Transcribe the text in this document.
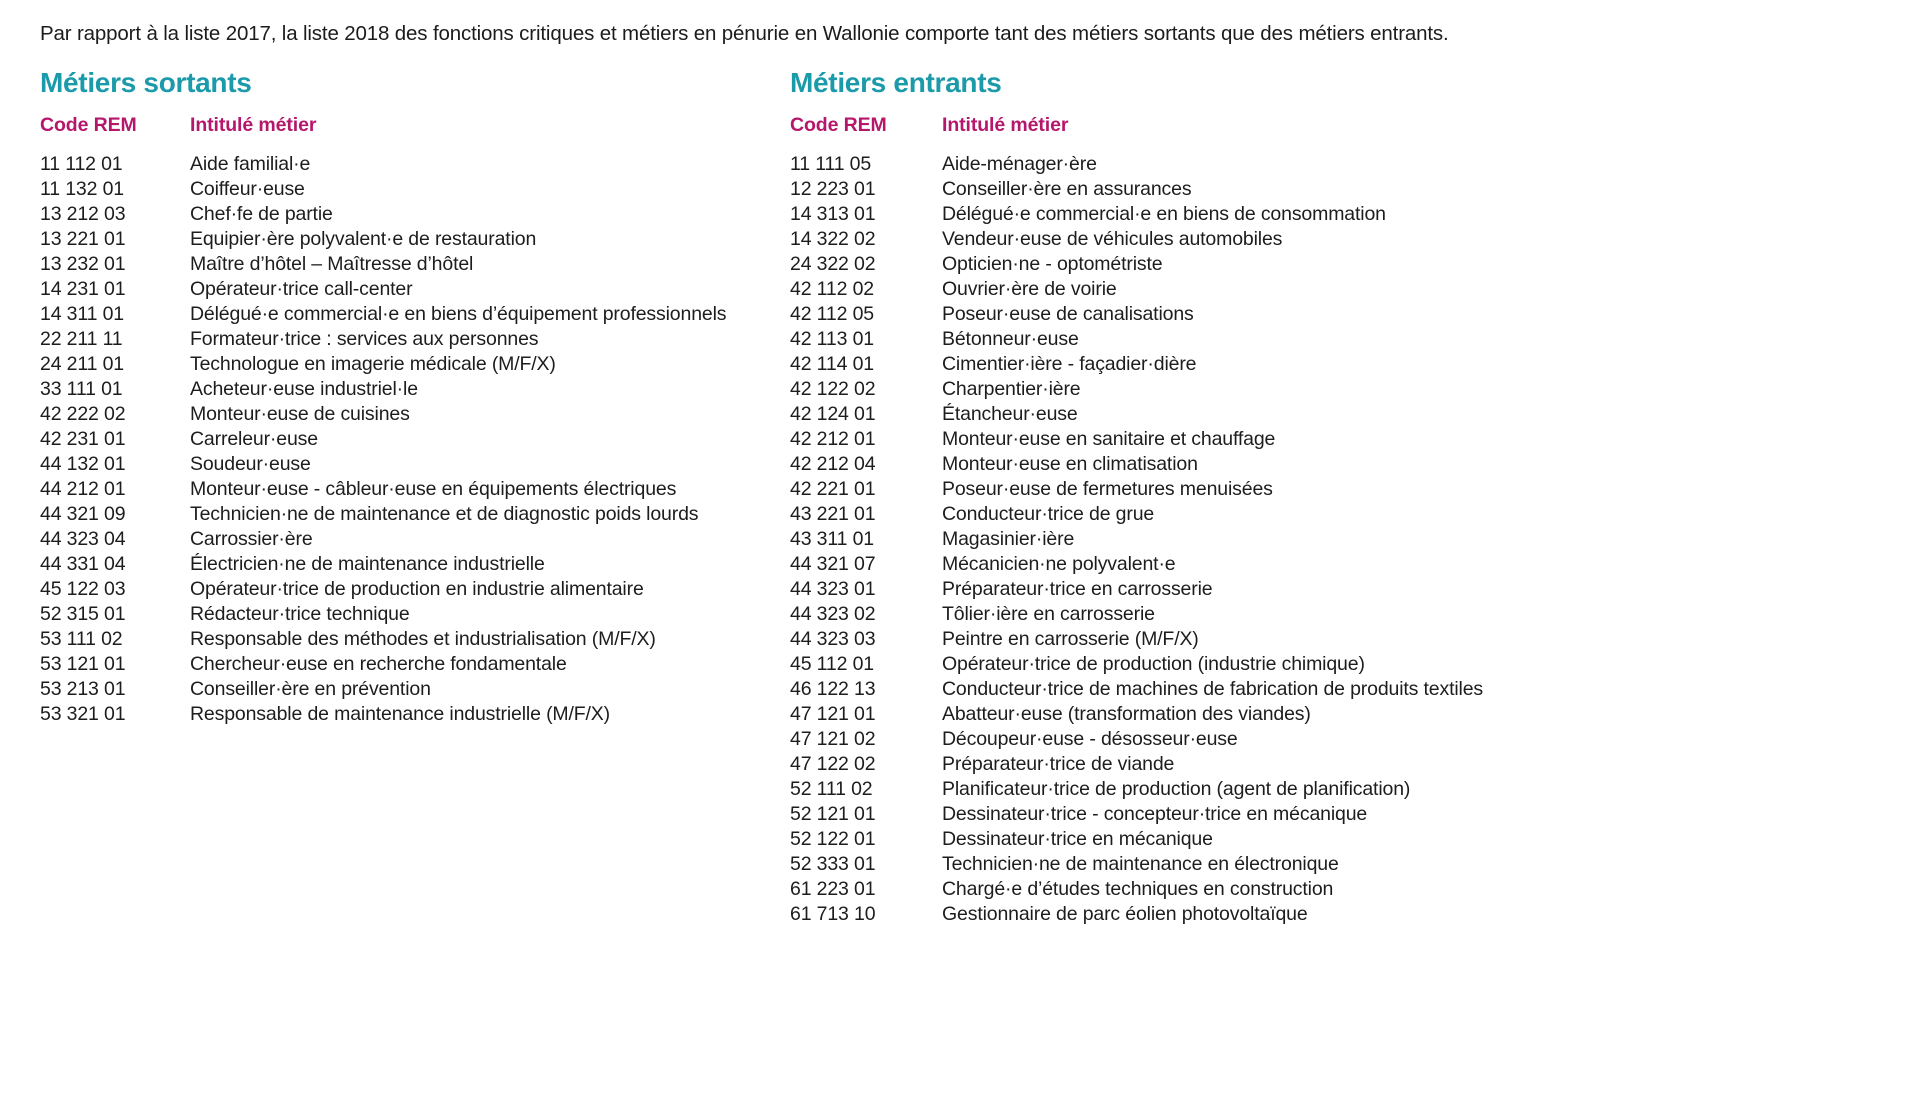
Par rapport à la liste 2017, la liste 2018 des fonctions critiques et métiers en pénurie en Wallonie comporte tant des métiers sortants que des métiers entrants.

Métiers sortants
Code REM	Intitulé métier
11 112 01	Aide familial·e
11 132 01	Coiffeur·euse
13 212 03	Chef·fe de partie
13 221 01	Equipier·ère polyvalent·e de restauration
13 232 01	Maître d’hôtel – Maîtresse d’hôtel
14 231 01	Opérateur·trice call-center
14 311 01	Délégué·e commercial·e en biens d’équipement professionnels
22 211 11	Formateur·trice : services aux personnes
24 211 01	Technologue en imagerie médicale (M/F/X)
33 111 01	Acheteur·euse industriel·le
42 222 02	Monteur·euse de cuisines
42 231 01	Carreleur·euse
44 132 01	Soudeur·euse
44 212 01	Monteur·euse - câbleur·euse en équipements électriques
44 321 09	Technicien·ne de maintenance et de diagnostic poids lourds
44 323 04	Carrossier·ère
44 331 04	Électricien·ne de maintenance industrielle
45 122 03	Opérateur·trice de production en industrie alimentaire
52 315 01	Rédacteur·trice technique
53 111 02	Responsable des méthodes et industrialisation (M/F/X)
53 121 01	Chercheur·euse en recherche fondamentale
53 213 01	Conseiller·ère en prévention
53 321 01	Responsable de maintenance industrielle (M/F/X)
Métiers entrants
Code REM	Intitulé métier
11 111 05	Aide-ménager·ère
12 223 01	Conseiller·ère en assurances
14 313 01	Délégué·e commercial·e en biens de consommation
14 322 02	Vendeur·euse de véhicules automobiles
24 322 02	Opticien·ne - optométriste
42 112 02	Ouvrier·ère de voirie
42 112 05	Poseur·euse de canalisations
42 113 01	Bétonneur·euse
42 114 01	Cimentier·ière - façadier·dière
42 122 02	Charpentier·ière
42 124 01	Étancheur·euse
42 212 01	Monteur·euse en sanitaire et chauffage
42 212 04	Monteur·euse en climatisation
42 221 01	Poseur·euse de fermetures menuisées
43 221 01	Conducteur·trice de grue
43 311 01	Magasinier·ière
44 321 07	Mécanicien·ne polyvalent·e
44 323 01	Préparateur·trice en carrosserie
44 323 02	Tôlier·ière en carrosserie
44 323 03	Peintre en carrosserie (M/F/X)
45 112 01	Opérateur·trice de production (industrie chimique)
46 122 13	Conducteur·trice de machines de fabrication de produits textiles
47 121 01	Abatteur·euse (transformation des viandes)
47 121 02	Découpeur·euse - désosseur·euse
47 122 02	Préparateur·trice de viande
52 111 02	Planificateur·trice de production (agent de planification)
52 121 01	Dessinateur·trice - concepteur·trice en mécanique
52 122 01	Dessinateur·trice en mécanique
52 333 01	Technicien·ne de maintenance en électronique
61 223 01	Chargé·e d’études techniques en construction
61 713 10	Gestionnaire de parc éolien photovoltaïque
